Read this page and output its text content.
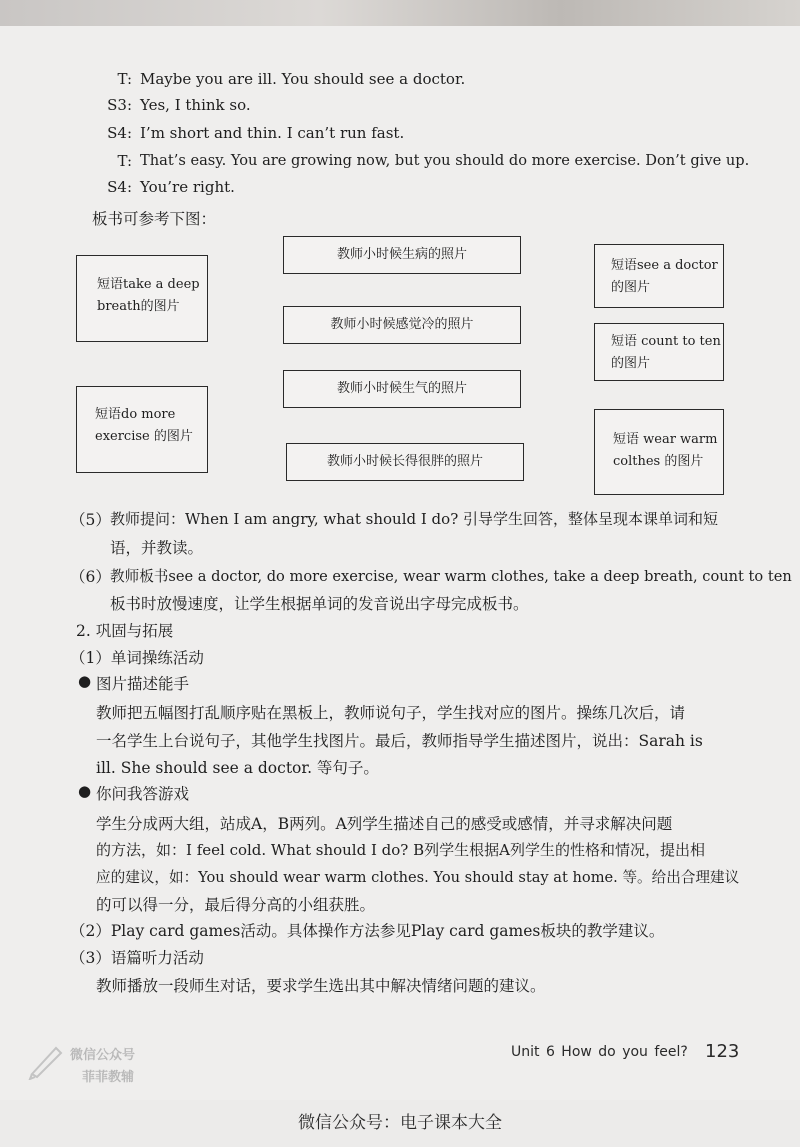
T: Maybe you are ill. You should see a doctor.
S3: Yes, I think so.
S4: I’m short and thin. I can’t run fast.
T: That’s easy. You are growing now, but you should do more exercise. Don’t give up.
S4: You’re right.
板书可参考下图：
短语take a deep
breath的图片
短语do more
exercise 的图片
教师小时候生病的照片
教师小时候感觉冷的照片
教师小时候生气的照片
教师小时候长得很胖的照片
短语see a doctor
的图片
短语 count to ten
的图片
短语 wear warm
colthes 的图片
（5） 教师提问：When I am angry, what should I do? 引导学生回答，整体呈现本课单词和短
语，并教读。
（6） 教师板书see a doctor, do more exercise, wear warm clothes, take a deep breath, count to ten
板书时放慢速度，让学生根据单词的发音说出字母完成板书。
2. 巩固与拓展
（1）单词操练活动
● 图片描述能手
教师把五幅图打乱顺序贴在黑板上，教师说句子，学生找对应的图片。操练几次后，请
一名学生上台说句子，其他学生找图片。最后，教师指导学生描述图片，说出：Sarah is
ill. She should see a doctor. 等句子。
● 你问我答游戏
学生分成两大组，站成A，B两列。A列学生描述自己的感受或感情，并寻求解决问题
的方法，如：I feel cold. What should I do? B列学生根据A列学生的性格和情况，提出相
应的建议，如：You should wear warm clothes. You should stay at home. 等。给出合理建议
的可以得一分，最后得分高的小组获胜。
（2）Play card games活动。具体操作方法参见Play card games板块的教学建议。
（3）语篇听力活动
教师播放一段师生对话，要求学生选出其中解决情绪问题的建议。
微信公众号
菲菲教辅
Unit 6 How do you feel? 123
微信公众号：电子课本大全
